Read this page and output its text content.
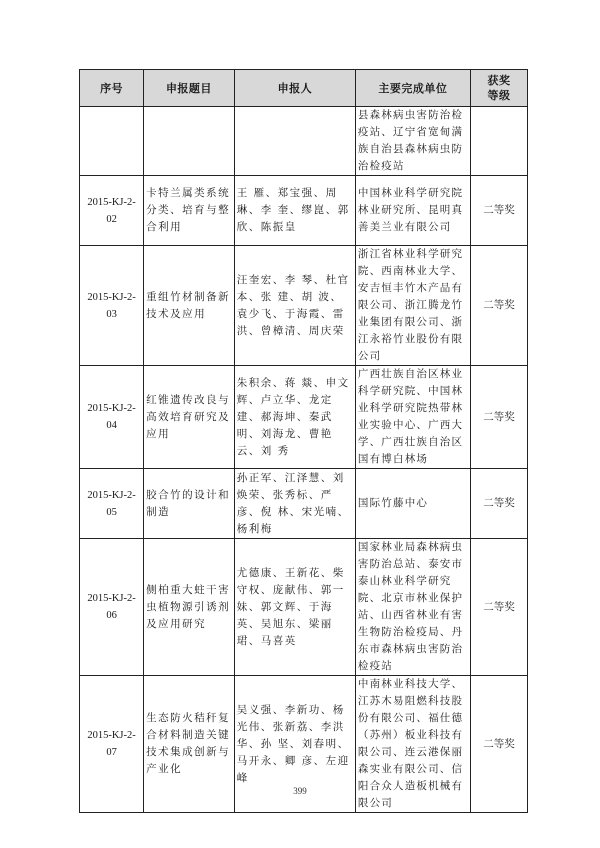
序号	申报题目	申报人	主要完成单位	获奖等级

			县森林病虫害防治检疫站、辽宁省宽甸满族自治县森林病虫防治检疫站	

2015-KJ-2-02	卡特兰属类系统分类、培育与整合利用	王 雁、郑宝强、周琳、李 奎、缪崑、郭欣、陈振皇	中国林业科学研究院林业研究所、昆明真善美兰业有限公司	二等奖

2015-KJ-2-03	重组竹材制备新技术及应用	汪奎宏、李 琴、杜官本、张 建、胡 波、袁少飞、于海霞、雷洪、曾樟清、周庆荣	浙江省林业科学研究院、西南林业大学、安吉恒丰竹木产品有限公司、浙江腾龙竹业集团有限公司、浙江永裕竹业股份有限公司	二等奖

2015-KJ-2-04	红锥遗传改良与高效培育研究及应用	朱积余、蒋 燚、申文辉、卢立华、龙定建、郝海坤、秦武明、刘海龙、曹艳云、刘 秀	广西壮族自治区林业科学研究院、中国林业科学研究院热带林业实验中心、广西大学、广西壮族自治区国有博白林场	二等奖

2015-KJ-2-05	胶合竹的设计和制造	孙正军、江泽慧、刘焕荣、张秀标、严 彦、倪 林、宋光喃、杨利梅	国际竹藤中心	二等奖

2015-KJ-2-06	侧柏重大蛀干害虫植物源引诱剂及应用研究	尤德康、王新花、柴守权、庞献伟、郭一妹、郭文辉、于海英、吴旭东、梁丽珺、马喜英	国家林业局森林病虫害防治总站、泰安市泰山林业科学研究院、北京市林业保护站、山西省林业有害生物防治检疫局、丹东市森林病虫害防治检疫站	二等奖

2015-KJ-2-07	生态防火秸秆复合材料制造关键技术集成创新与产业化	吴义强、李新功、杨光伟、张新荔、李洪华、孙 坚、刘春明、马开永、卿 彦、左迎峰	中南林业科技大学、江苏木易阻燃科技股份有限公司、福仕德（苏州）板业科技有限公司、连云港保丽森实业有限公司、信阳合众人造板机械有限公司	二等奖
399
